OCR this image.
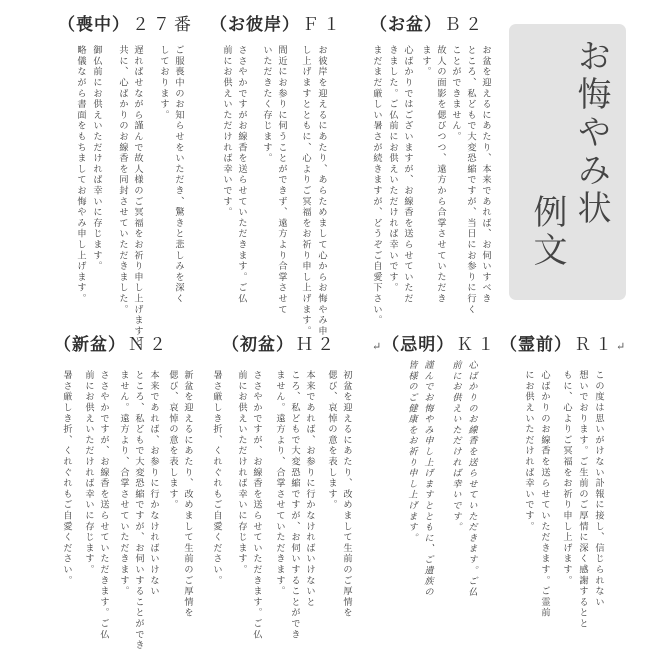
（喪中） ２７番 （お彼岸） Ｆ１ （お盆） Ｂ２
お悔やみ状
例文
ご服喪中のお知らせをいただき、驚きと悲しみを深く
しております。
遅ればせながら謹んで故人様のご冥福をお祈り申し上げますと
共に、心ばかりのお線香を同封させていただきました。
御仏前にお供えいただければ幸いに存じます。
略儀ながら書面をもちましてお悔やみ申し上げます。	お彼岸を迎えるにあたり、あらためまして心からお悔やみ申
し上げますとともに、心よりご冥福をお祈り申し上げます。
間近にお参りに伺うことができず、遠方より合掌させて
いただきたく存じます。
ささやかですがお線香を送らせていただきます。ご仏
前にお供えいただければ幸いです。	お盆を迎えるにあたり、本来であれば、お伺いすべき
ところ、私どもで大変恐縮ですが、当日にお参りに行く
ことができません。
故人の面影を偲びつつ、遠方から合掌させていただき
ます。
心ばかりではございますが、お線香を送らせていただ
きました。ご仏前にお供えいただければ幸いです。
まだまだ厳しい暑さが続きますが、どうぞご自愛下さい。
（新盆） Ｎ２	（初盆） Ｈ２	↵（忌明） Ｋ１ （霊前） Ｒ１↵
新盆を迎えるにあたり、改めまして生前のご厚情を
偲び、哀悼の意を表します。
本来であれば、お参りに行かなければいけない
ところ、私どもで大変恐縮ですが、お伺いすることができ
ません。遠方より、合掌させていただきます。
ささやかですが、お線香を送らせていただきます。ご仏
前にお供えいただければ幸いに存じます。
暑さ厳しき折、くれぐれもご自愛ください。	初盆を迎えるにあたり、改めまして生前のご厚情を
偲び、哀悼の意を表します。
本来であれば、お参りに行かなければいけないと
ころ、私どもで大変恐縮ですが、お伺いすることができ
ません。遠方より、合掌させていただきます。
ささやかですが、お線香を送らせていただきます。ご仏
前にお供えいただければ幸いに存じます。
暑さ厳しき折、くれぐれもご自愛ください。	心ばかりのお線香を送らせていただきます。ご仏
前にお供えいただければ幸いです。
謹んでお悔やみ申し上げますとともに、ご遺族の
皆様のご健康をお祈り申し上げます。	この度は思いがけない訃報に接し、信じられない
想いでおります。ご生前のご厚情に深く感謝するとと
もに、心よりご冥福をお祈り申し上げます。
心ばかりのお線香を送らせていただきます。ご霊前
にお供えいただければ幸いです。
